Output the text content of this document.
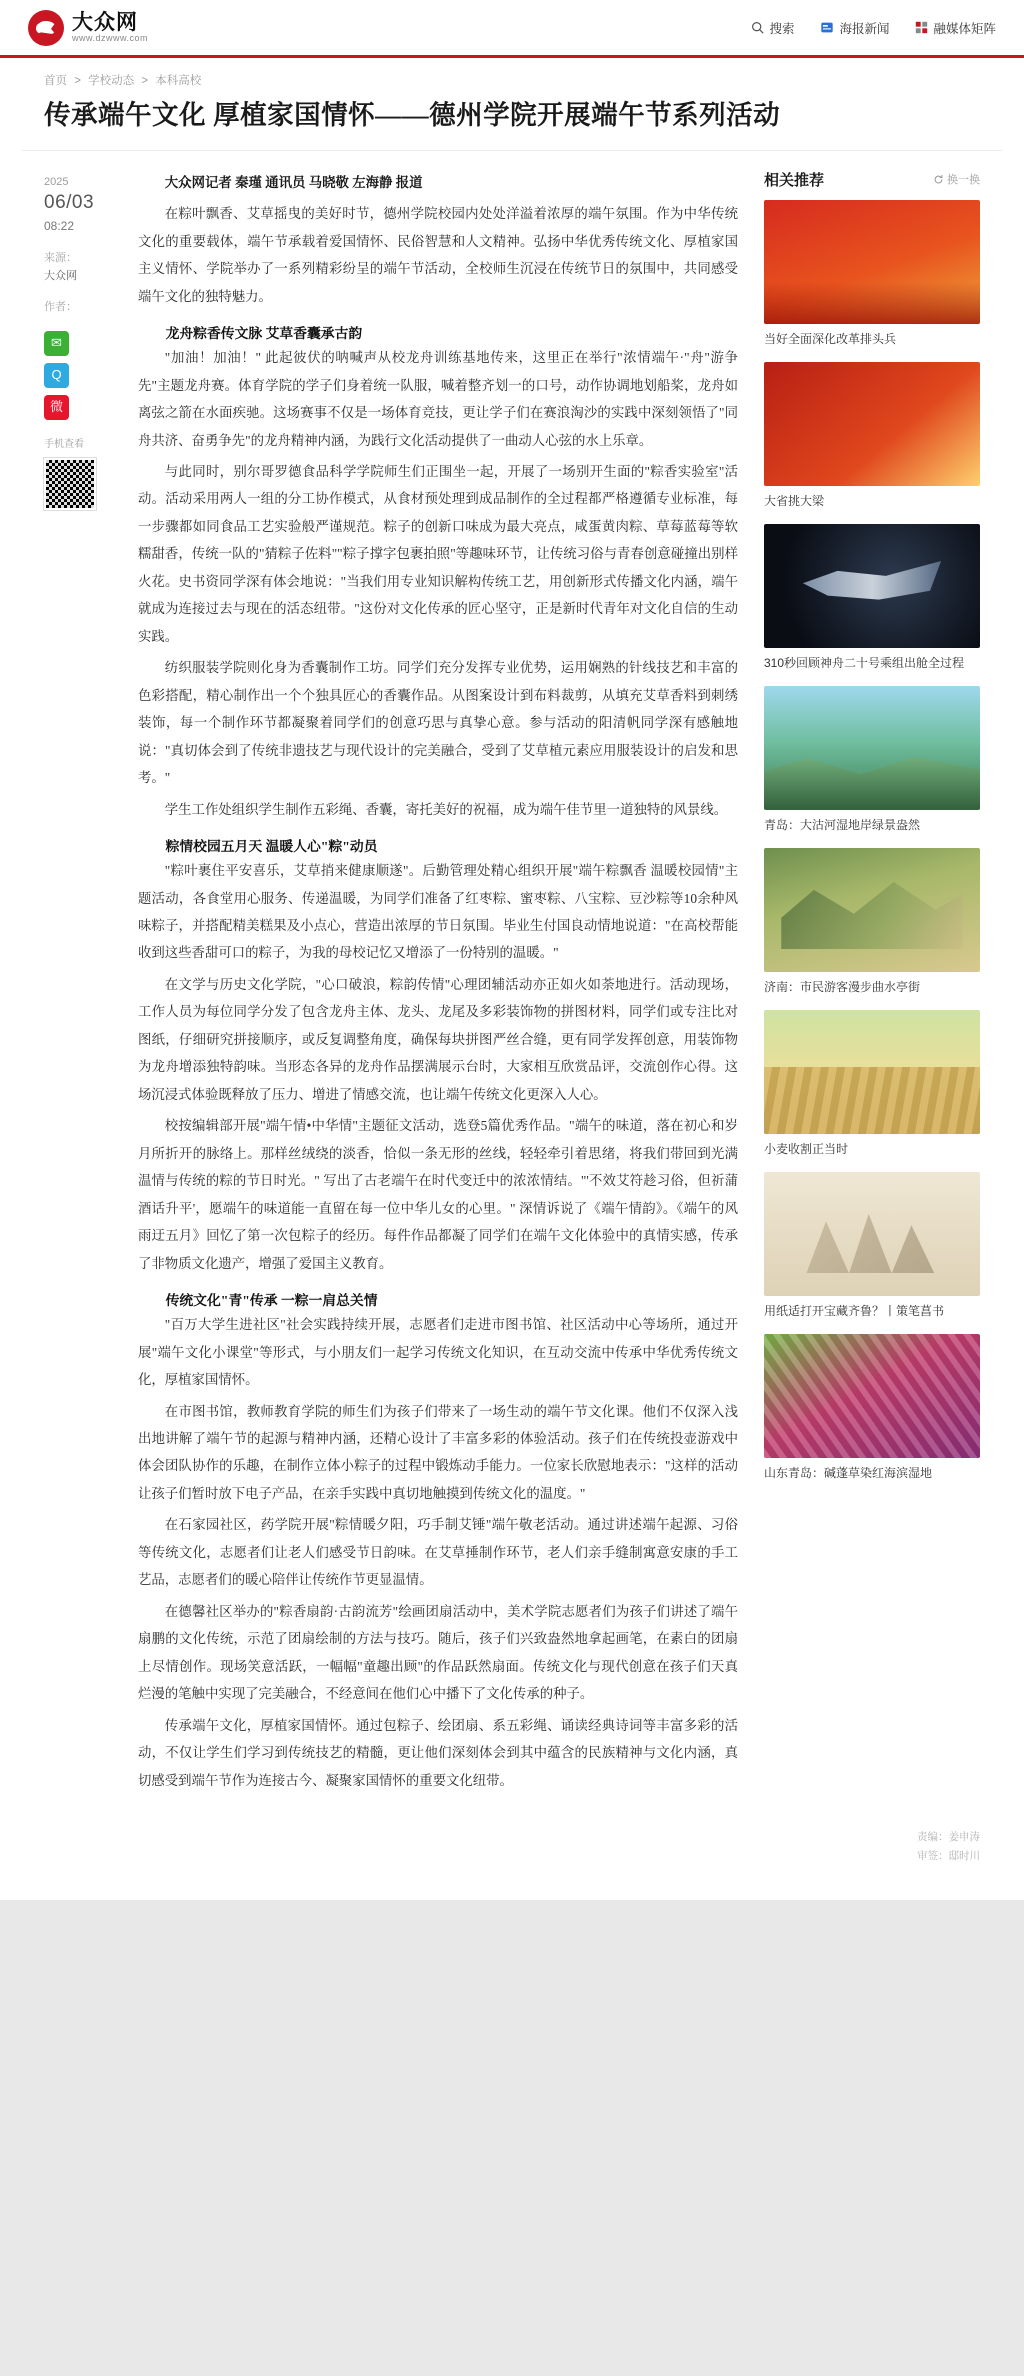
大众网
www.dzwww.com
搜索	海报新闻	融媒体矩阵
首页 > 学校动态 > 本科高校
传承端午文化 厚植家国情怀——德州学院开展端午节系列活动
2025
06/03
08:22
来源：
大众网
作者：
✉
Q
微
手机查看

大众网记者 秦瑾 通讯员 马晓敬 左海静 报道

在粽叶飘香、艾草摇曳的美好时节，德州学院校园内处处洋溢着浓厚的端午氛围。作为中华传统文化的重要载体，端午节承载着爱国情怀、民俗智慧和人文精神。弘扬中华优秀传统文化、厚植家国主义情怀、学院举办了一系列精彩纷呈的端午节活动，全校师生沉浸在传统节日的氛围中，共同感受端午文化的独特魅力。

龙舟粽香传文脉 艾草香囊承古韵

"加油！加油！" 此起彼伏的呐喊声从校龙舟训练基地传来，这里正在举行"浓情端午·"舟"游争先"主题龙舟赛。体育学院的学子们身着统一队服，喊着整齐划一的口号，动作协调地划船桨，龙舟如离弦之箭在水面疾驰。这场赛事不仅是一场体育竞技，更让学子们在赛浪淘沙的实践中深刻领悟了"同舟共济、奋勇争先"的龙舟精神内涵，为践行文化活动提供了一曲动人心弦的水上乐章。

与此同时，别尔哥罗德食品科学学院师生们正围坐一起，开展了一场别开生面的"粽香实验室"活动。活动采用两人一组的分工协作模式，从食材预处理到成品制作的全过程都严格遵循专业标准，每一步骤都如同食品工艺实验般严谨规范。粽子的创新口味成为最大亮点，咸蛋黄肉粽、草莓蓝莓等软糯甜香，传统一队的"猜粽子佐料""粽子撑字包裹拍照"等趣味环节，让传统习俗与青春创意碰撞出别样火花。史书资同学深有体会地说："当我们用专业知识解构传统工艺，用创新形式传播文化内涵，端午就成为连接过去与现在的活态纽带。"这份对文化传承的匠心坚守，正是新时代青年对文化自信的生动实践。

纺织服装学院则化身为香囊制作工坊。同学们充分发挥专业优势，运用娴熟的针线技艺和丰富的色彩搭配，精心制作出一个个独具匠心的香囊作品。从图案设计到布料裁剪，从填充艾草香料到刺绣装饰，每一个制作环节都凝聚着同学们的创意巧思与真挚心意。参与活动的阳清帆同学深有感触地说："真切体会到了传统非遗技艺与现代设计的完美融合，受到了艾草植元素应用服装设计的启发和思考。"

学生工作处组织学生制作五彩绳、香囊，寄托美好的祝福，成为端午佳节里一道独特的风景线。

粽情校园五月天 温暖人心"粽"动员

"粽叶裹住平安喜乐，艾草捎来健康顺遂"。后勤管理处精心组织开展"端午粽飘香 温暖校园情"主题活动，各食堂用心服务、传递温暖，为同学们准备了红枣粽、蜜枣粽、八宝粽、豆沙粽等10余种风味粽子，并搭配精美糕果及小点心，营造出浓厚的节日氛围。毕业生付国良动情地说道："在高校帮能收到这些香甜可口的粽子，为我的母校记忆又增添了一份特别的温暖。"

在文学与历史文化学院，"心口破浪，粽韵传情"心理团辅活动亦正如火如荼地进行。活动现场，工作人员为每位同学分发了包含龙舟主体、龙头、龙尾及多彩装饰物的拼图材料，同学们或专注比对图纸，仔细研究拼接顺序，或反复调整角度，确保每块拼图严丝合缝，更有同学发挥创意，用装饰物为龙舟增添独特韵味。当形态各异的龙舟作品摆满展示台时，大家相互欣赏品评，交流创作心得。这场沉浸式体验既释放了压力、增进了情感交流，也让端午传统文化更深入人心。

校按编辑部开展"端午情•中华情"主题征文活动，选登5篇优秀作品。"端午的味道，落在初心和岁月所折开的脉络上。那样丝绒绕的淡香，恰似一条无形的丝线，轻轻牵引着思绪，将我们带回到光满温情与传统的粽的节日时光。" 写出了古老端午在时代变迁中的浓浓情结。"'不效艾符趁习俗，但祈蒲酒话升平'，愿端午的味道能一直留在每一位中华儿女的心里。" 深情诉说了《端午情韵》。《端午的风雨迂五月》回忆了第一次包粽子的经历。每件作品都凝了同学们在端午文化体验中的真情实感，传承了非物质文化遗产，增强了爱国主义教育。

传统文化"青"传承 一粽一肩总关情

"百万大学生进社区"社会实践持续开展，志愿者们走进市图书馆、社区活动中心等场所，通过开展"端午文化小课堂"等形式，与小朋友们一起学习传统文化知识，在互动交流中传承中华优秀传统文化，厚植家国情怀。

在市图书馆，教师教育学院的师生们为孩子们带来了一场生动的端午节文化课。他们不仅深入浅出地讲解了端午节的起源与精神内涵，还精心设计了丰富多彩的体验活动。孩子们在传统投壶游戏中体会团队协作的乐趣，在制作立体小粽子的过程中锻炼动手能力。一位家长欣慰地表示："这样的活动让孩子们暂时放下电子产品，在亲手实践中真切地触摸到传统文化的温度。"

在石家园社区，药学院开展"粽情暖夕阳，巧手制艾锤"端午敬老活动。通过讲述端午起源、习俗等传统文化，志愿者们让老人们感受节日韵味。在艾草捶制作环节，老人们亲手缝制寓意安康的手工艺品，志愿者们的暖心陪伴让传统作节更显温情。

在德馨社区举办的"粽香扇韵·古韵流芳"绘画团扇活动中，美术学院志愿者们为孩子们讲述了端午扇鹏的文化传统，示范了团扇绘制的方法与技巧。随后，孩子们兴致盎然地拿起画笔，在素白的团扇上尽情创作。现场笑意活跃，一幅幅"童趣出顾"的作品跃然扇面。传统文化与现代创意在孩子们天真烂漫的笔触中实现了完美融合，不经意间在他们心中播下了文化传承的种子。

传承端午文化，厚植家国情怀。通过包粽子、绘团扇、系五彩绳、诵读经典诗词等丰富多彩的活动，不仅让学生们学习到传统技艺的精髓，更让他们深刻体会到其中蕴含的民族精神与文化内涵，真切感受到端午节作为连接古今、凝聚家国情怀的重要文化纽带。

相关推荐	换一换
当好全面深化改革排头兵
大省挑大梁
310秒回顾神舟二十号乘组出舱全过程
青岛：大沽河湿地岸绿景盎然
济南：市民游客漫步曲水亭街
小麦收割正当时
用纸适打开宝藏齐鲁？丨策笔菖书
山东青岛：碱蓬草染红海滨湿地
责编：姜申涛
审签：邸时川
